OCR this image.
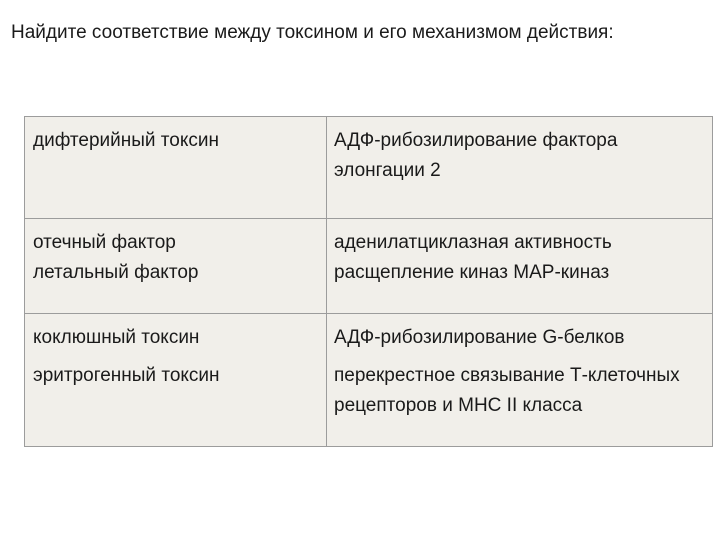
Найдите соответствие между токсином и его механизмом действия:
дифтерийный токсин	АДФ-рибозилирование фактора элонгации 2
отечный фактор
летальный фактор
аденилатциклазная активность
расщепление киназ МАР-киназ
коклюшный токсин
эритрогенный токсин
АДФ-рибозилирование G-белков
перекрестное связывание Т-клеточных рецепторов и МНС II класса
